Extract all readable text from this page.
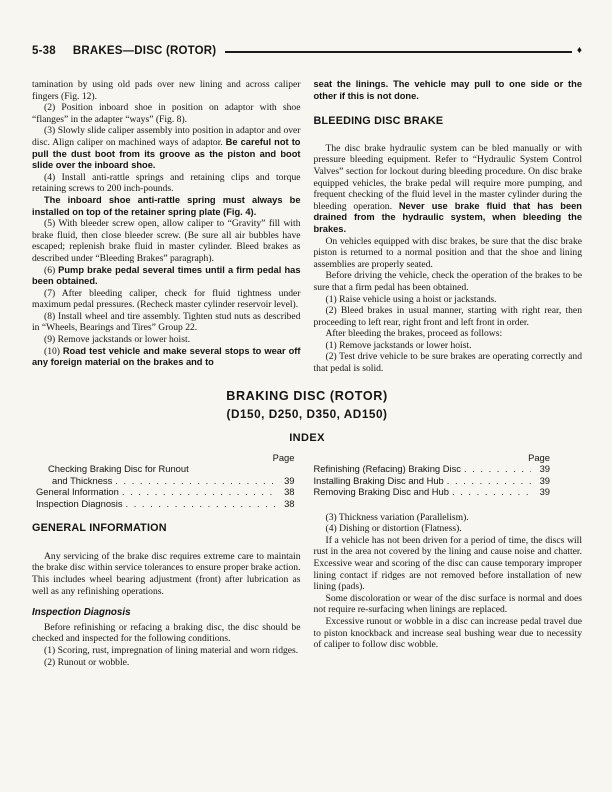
5-38 BRAKES—DISC (ROTOR)	♦
tamination by using old pads over new lining and across caliper fingers (Fig. 12).
(2) Position inboard shoe in position on adaptor with shoe “flanges” in the adapter “ways” (Fig. 8).
(3) Slowly slide caliper assembly into position in adaptor and over disc. Align caliper on machined ways of adaptor. Be careful not to pull the dust boot from its groove as the piston and boot slide over the inboard shoe.
(4) Install anti-rattle springs and retaining clips and torque retaining screws to 200 inch-pounds.
The inboard shoe anti-rattle spring must always be installed on top of the retainer spring plate (Fig. 4).
(5) With bleeder screw open, allow caliper to “Gravity” fill with brake fluid, then close bleeder screw. (Be sure all air bubbles have escaped; replenish brake fluid in master cylinder. Bleed brakes as described under “Bleeding Brakes” paragraph).
(6) Pump brake pedal several times until a firm pedal has been obtained.
(7) After bleeding caliper, check for fluid tightness under maximum pedal pressures. (Recheck master cylinder reservoir level).
(8) Install wheel and tire assembly. Tighten stud nuts as described in “Wheels, Bearings and Tires” Group 22.
(9) Remove jackstands or lower hoist.
(10) Road test vehicle and make several stops to wear off any foreign material on the brakes and to
seat the linings. The vehicle may pull to one side or the other if this is not done.
BLEEDING DISC BRAKE
The disc brake hydraulic system can be bled manually or with pressure bleeding equipment. Refer to “Hydraulic System Control Valves” section for lockout during bleeding procedure. On disc brake equipped vehicles, the brake pedal will require more pumping, and frequent checking of the fluid level in the master cylinder during the bleeding operation. Never use brake fluid that has been drained from the hydraulic system, when bleeding the brakes.
On vehicles equipped with disc brakes, be sure that the disc brake piston is returned to a normal position and that the shoe and lining assemblies are properly seated.
Before driving the vehicle, check the operation of the brakes to be sure that a firm pedal has been obtained.
(1) Raise vehicle using a hoist or jackstands.
(2) Bleed brakes in usual manner, starting with right rear, then proceeding to left rear, right front and left front in order.
After bleeding the brakes, proceed as follows:
(1) Remove jackstands or lower hoist.
(2) Test drive vehicle to be sure brakes are operating correctly and that pedal is solid.
BRAKING DISC (ROTOR)
(D150, D250, D350, AD150)
INDEX
Page
Checking Braking Disc for Runout
and Thickness . . .	39
General Information . . .	38
Inspection Diagnosis . . .	38
GENERAL INFORMATION
Any servicing of the brake disc requires extreme care to maintain the brake disc within service tolerances to ensure proper brake action. This includes wheel bearing adjustment (front) after lubrication as well as any refinishing operations.
Inspection Diagnosis
Before refinishing or refacing a braking disc, the disc should be checked and inspected for the following conditions.
(1) Scoring, rust, impregnation of lining material and worn ridges.
(2) Runout or wobble.
Page
Refinishing (Refacing) Braking Disc . . .	39
Installing Braking Disc and Hub . . .	39
Removing Braking Disc and Hub . . .	39
(3) Thickness variation (Parallelism).
(4) Dishing or distortion (Flatness).
If a vehicle has not been driven for a period of time, the discs will rust in the area not covered by the lining and cause noise and chatter. Excessive wear and scoring of the disc can cause temporary improper lining contact if ridges are not removed before installation of new lining (pads).
Some discoloration or wear of the disc surface is normal and does not require re-surfacing when linings are replaced.
Excessive runout or wobble in a disc can increase pedal travel due to piston knockback and increase seal bushing wear due to necessity of caliper to follow disc wobble.
